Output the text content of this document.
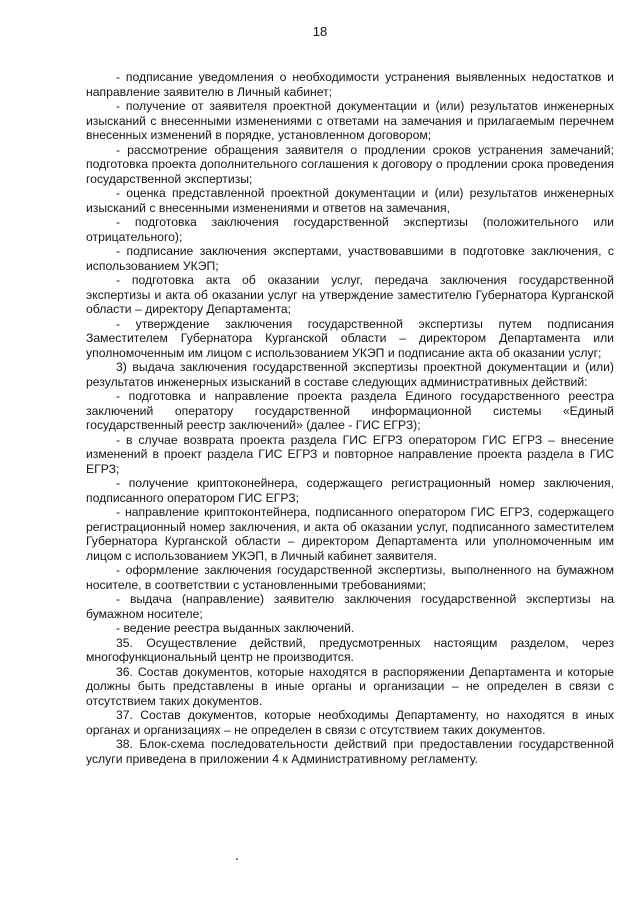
18

- подписание уведомления о необходимости устранения выявленных недостатков и направление заявителю в Личный кабинет;

- получение от заявителя проектной документации и (или) результатов инженерных изысканий с внесенными изменениями с ответами на замечания и прилагаемым перечнем внесенных изменений в порядке, установленном договором;

- рассмотрение обращения заявителя о продлении сроков устранения замечаний; подготовка проекта дополнительного соглашения к договору о продлении срока проведения государственной экспертизы;

- оценка представленной проектной документации и (или) результатов инженерных изысканий с внесенными изменениями и ответов на замечания,

- подготовка заключения государственной экспертизы (положительного или отрицательного);

- подписание заключения экспертами, участвовавшими в подготовке заключения, с использованием УКЭП;

- подготовка акта об оказании услуг, передача заключения государственной экспертизы и акта об оказании услуг на утверждение заместителю Губернатора Курганской области – директору Департамента;

- утверждение заключения государственной экспертизы путем подписания Заместителем Губернатора Курганской области – директором Департамента или уполномоченным им лицом с использованием УКЭП и подписание акта об оказании услуг;

3) выдача заключения государственной экспертизы проектной документации и (или) результатов инженерных изысканий в составе следующих административных действий:

- подготовка и направление проекта раздела Единого государственного реестра заключений оператору государственной информационной системы «Единый государственный реестр заключений» (далее - ГИС ЕГРЗ);

- в случае возврата проекта раздела ГИС ЕГРЗ оператором ГИС ЕГРЗ – внесение изменений в проект раздела ГИС ЕГРЗ и повторное направление проекта раздела в ГИС ЕГРЗ;

- получение криптоконейнера, содержащего регистрационный номер заключения, подписанного оператором ГИС ЕГРЗ;

- направление криптоконтейнера, подписанного оператором ГИС ЕГРЗ, содержащего регистрационный номер заключения, и акта об оказании услуг, подписанного заместителем Губернатора Курганской области – директором Департамента или уполномоченным им лицом с использованием УКЭП, в Личный кабинет заявителя.

- оформление заключения государственной экспертизы, выполненного на бумажном носителе, в соответствии с установленными требованиями;

- выдача (направление) заявителю заключения государственной экспертизы на бумажном носителе;

- ведение реестра выданных заключений.

35. Осуществление действий, предусмотренных настоящим разделом, через многофункциональный центр не производится.

36. Состав документов, которые находятся в распоряжении Департамента и которые должны быть представлены в иные органы и организации – не определен в связи с отсутствием таких документов.

37. Состав документов, которые необходимы Департаменту, но находятся в иных органах и организациях – не определен в связи с отсутствием таких документов.

38. Блок-схема последовательности действий при предоставлении государственной услуги приведена в приложении 4 к Административному регламенту.
